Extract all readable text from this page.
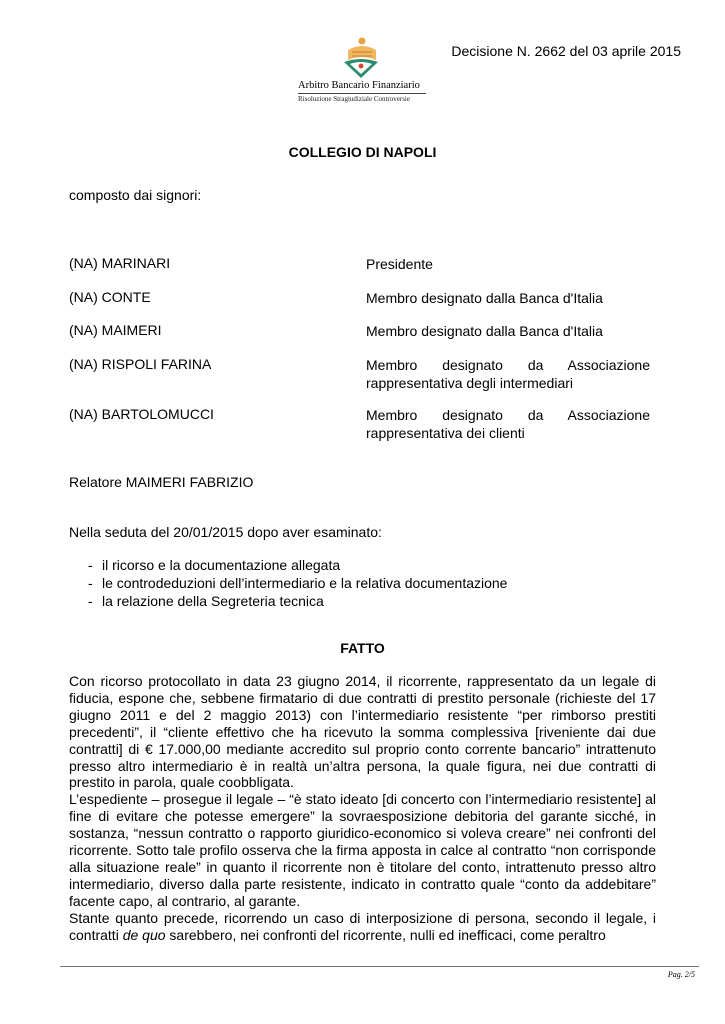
Arbitro Bancario Finanziario
Risoluzione Stragiudiziale Controversie
Decisione N. 2662 del 03 aprile 2015
COLLEGIO DI NAPOLI
composto dai signori:
(NA) MARINARI	Presidente
(NA) CONTE	Membro designato dalla Banca d'Italia
(NA) MAIMERI	Membro designato dalla Banca d'Italia
(NA) RISPOLI FARINA	Membro designato da Associazione rappresentativa degli intermediari
(NA) BARTOLOMUCCI	Membro designato da Associazione rappresentativa dei clienti
Relatore MAIMERI FABRIZIO
Nella seduta del 20/01/2015 dopo aver esaminato:
- il ricorso e la documentazione allegata
- le controdeduzioni dell’intermediario e la relativa documentazione
- la relazione della Segreteria tecnica
FATTO

Con ricorso protocollato in data 23 giugno 2014, il ricorrente, rappresentato da un legale di fiducia, espone che, sebbene firmatario di due contratti di prestito personale (richieste del 17 giugno 2011 e del 2 maggio 2013) con l’intermediario resistente “per rimborso prestiti precedenti”, il “cliente effettivo che ha ricevuto la somma complessiva [riveniente dai due contratti] di € 17.000,00 mediante accredito sul proprio conto corrente bancario” intrattenuto presso altro intermediario è in realtà un’altra persona, la quale figura, nei due contratti di prestito in parola, quale coobbligata.

L’espediente – prosegue il legale – “è stato ideato [di concerto con l’intermediario resistente] al fine di evitare che potesse emergere” la sovraesposizione debitoria del garante sicché, in sostanza, “nessun contratto o rapporto giuridico-economico si voleva creare” nei confronti del ricorrente. Sotto tale profilo osserva che la firma apposta in calce al contratto “non corrisponde alla situazione reale” in quanto il ricorrente non è titolare del conto, intrattenuto presso altro intermediario, diverso dalla parte resistente, indicato in contratto quale “conto da addebitare” facente capo, al contrario, al garante.

Stante quanto precede, ricorrendo un caso di interposizione di persona, secondo il legale, i contratti de quo sarebbero, nei confronti del ricorrente, nulli ed inefficaci, come peraltro

Pag. 2/5
